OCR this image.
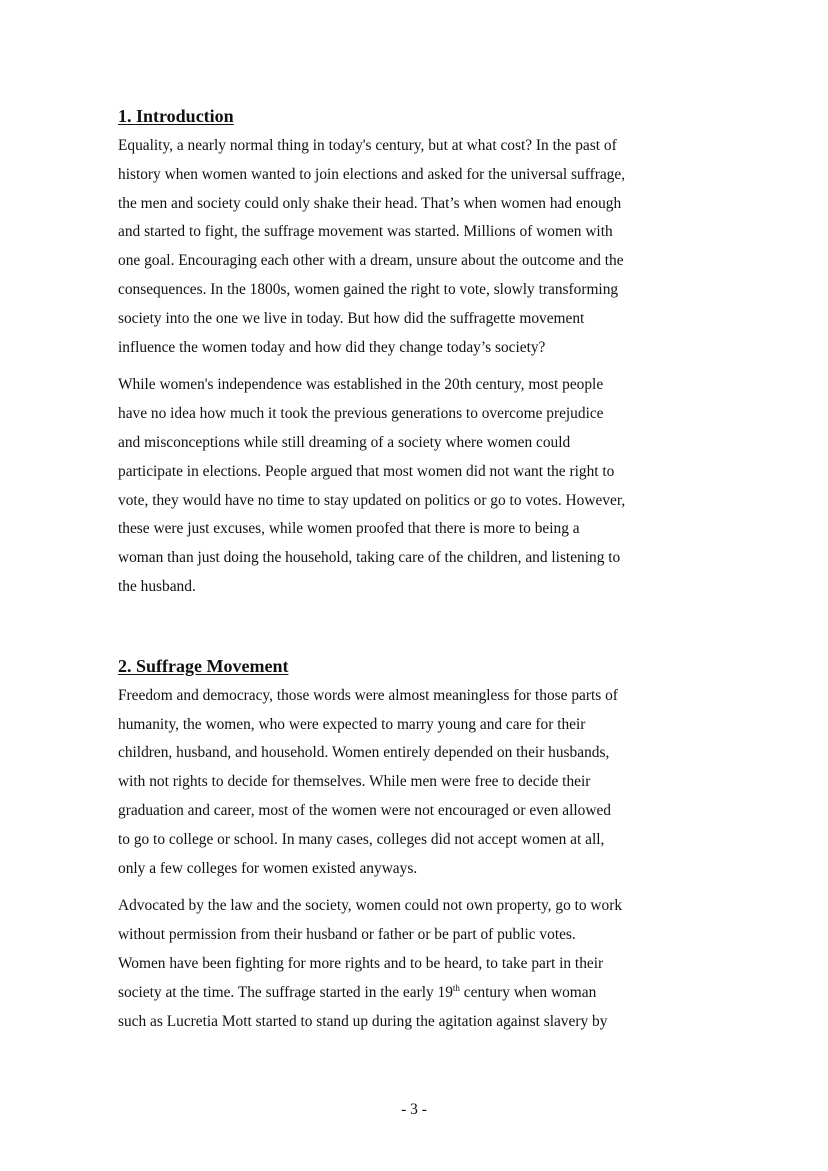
1. Introduction

Equality, a nearly normal thing in today's century, but at what cost? In the past of
history when women wanted to join elections and asked for the universal suffrage,
the men and society could only shake their head. That’s when women had enough
and started to fight, the suffrage movement was started. Millions of women with
one goal. Encouraging each other with a dream, unsure about the outcome and the
consequences. In the 1800s, women gained the right to vote, slowly transforming
society into the one we live in today. But how did the suffragette movement
influence the women today and how did they change today’s society?

While women's independence was established in the 20th century, most people
have no idea how much it took the previous generations to overcome prejudice
and misconceptions while still dreaming of a society where women could
participate in elections. People argued that most women did not want the right to
vote, they would have no time to stay updated on politics or go to votes. However,
these were just excuses, while women proofed that there is more to being a
woman than just doing the household, taking care of the children, and listening to
the husband.

2. Suffrage Movement

Freedom and democracy, those words were almost meaningless for those parts of
humanity, the women, who were expected to marry young and care for their
children, husband, and household. Women entirely depended on their husbands,
with not rights to decide for themselves. While men were free to decide their
graduation and career, most of the women were not encouraged or even allowed
to go to college or school. In many cases, colleges did not accept women at all,
only a few colleges for women existed anyways.

Advocated by the law and the society, women could not own property, go to work
without permission from their husband or father or be part of public votes.
Women have been fighting for more rights and to be heard, to take part in their
society at the time. The suffrage started in the early 19th century when woman
such as Lucretia Mott started to stand up during the agitation against slavery by

- 3 -
